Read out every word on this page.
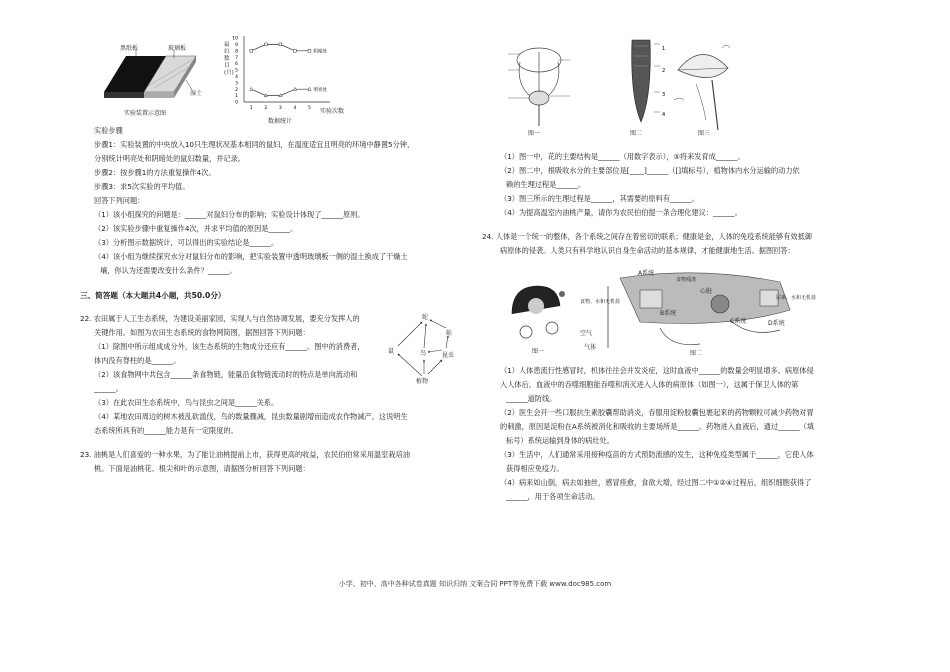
黑纸板	玻璃板
湿土
实验装置示意图
0
1
2
3
4
5
6
7
8
9
10
1	2	3	4	5
阴暗处
明亮处
鼠妇数目(只)
实验次数
数据统计
实验步骤
步骤1：实验装置的中央放入10只生理状况基本相同的鼠妇，在温度适宜且明亮的环境中静置5分钟，
分别统计明亮处和阴暗处的鼠妇数量，并记录。
步骤2：按步骤1的方法重复操作4次。
步骤3：求5次实验的平均值。
回答下列问题：
（1）该小组探究的问题是：______对鼠妇分布的影响；实验设计体现了______原则。
（2）该实验步骤中重复操作4次，并求平均值的原因是______。
（3）分析图示数据统计，可以得出的实验结论是______。
（4）该小组为继续探究水分对鼠妇分布的影响，把实验装置中透明玻璃板一侧的湿土换成了干燥土
壤，你认为还需要改变什么条件？______。
三、简答题（本大题共4小题，共50.0分）
22. 农田属于人工生态系统，为建设美丽家园，实现人与自然协调发展，要充分发挥人的
关键作用。如图为农田生态系统的食物网简图，据图回答下列问题：
（1）除图中所示组成成分外，该生态系统的生物成分还应有______。图中的消费者，
体内没有脊柱的是______。
（2）该食物网中共包含______条食物链，能量沿食物链流动时的特点是单向流动和
______。
（3）在此农田生态系统中，鸟与昆虫之间是______关系。
（4）某地农田周边的树木被乱砍滥伐，鸟的数量骤减，昆虫数量剧增而造成农作物减产。这说明生
态系统所具有的______能力是有一定限度的。
蛇
蛙
鸟
鼠
昆虫
植物
23. 油桃是人们喜爱的一种水果，为了能让油桃提前上市，获得更高的收益，农民伯伯常采用温室栽培油
桃。下面是油桃花、根尖和叶的示意图，请据图分析回答下列问题：
图一
1
2
3
4
图二	图三
（1）图一中，花的主要结构是______（用数字表示），⑤将来发育成______。
（2）图二中，根吸收水分的主要部位是[____]______（[]填标号），植物体内水分运输的动力依
赖的生理过程是______。
（3）图三所示的生理过程是______，其需要的原料有______。
（4）为提高温室内油桃产量，请你为农民伯伯提一条合理化建议：______。
24. 人体是一个统一的整体，各个系统之间存在着密切的联系；健康是金，人体的免疫系统能够有效抵御
病原体的侵袭。人类只有科学地认识自身生命活动的基本规律，才能健康地生活。据图回答：
图一
A系统
食物、水和无机盐
心脏
B系统
C系统	D系统
尿素、水和无机盐
空气
气体
食物残渣
图二
（1）人体患流行性感冒时，机体往往会并发炎症，这时血液中______的数量会明显增多。病原体侵
入人体后，血液中的吞噬细胞能吞噬和消灭进入人体的病原体（如图一），这属于保卫人体的第
______道防线。
（2）医生会开一些口服抗生素胶囊帮助消炎，吞服用淀粉胶囊包裹起来的药物颗粒可减少药物对胃
的刺激，原因是淀粉在A系统被消化和吸收的主要场所是______。药物进入血液后，通过______（填
标号）系统运输到身体的病灶处。
（3）生活中，人们通常采用接种疫苗的方式预防流感的发生，这种免疫类型属于______，它使人体
获得相应免疫力。
（4）病来如山倒，病去如抽丝，感冒痊愈，食欲大增，经过图二中①②④过程后，组织细胞获得了
______，用于各项生命活动。
小学、初中、高中各种试卷真题 知识归纳 文案合同 PPT等免费下载 www.doc985.com
